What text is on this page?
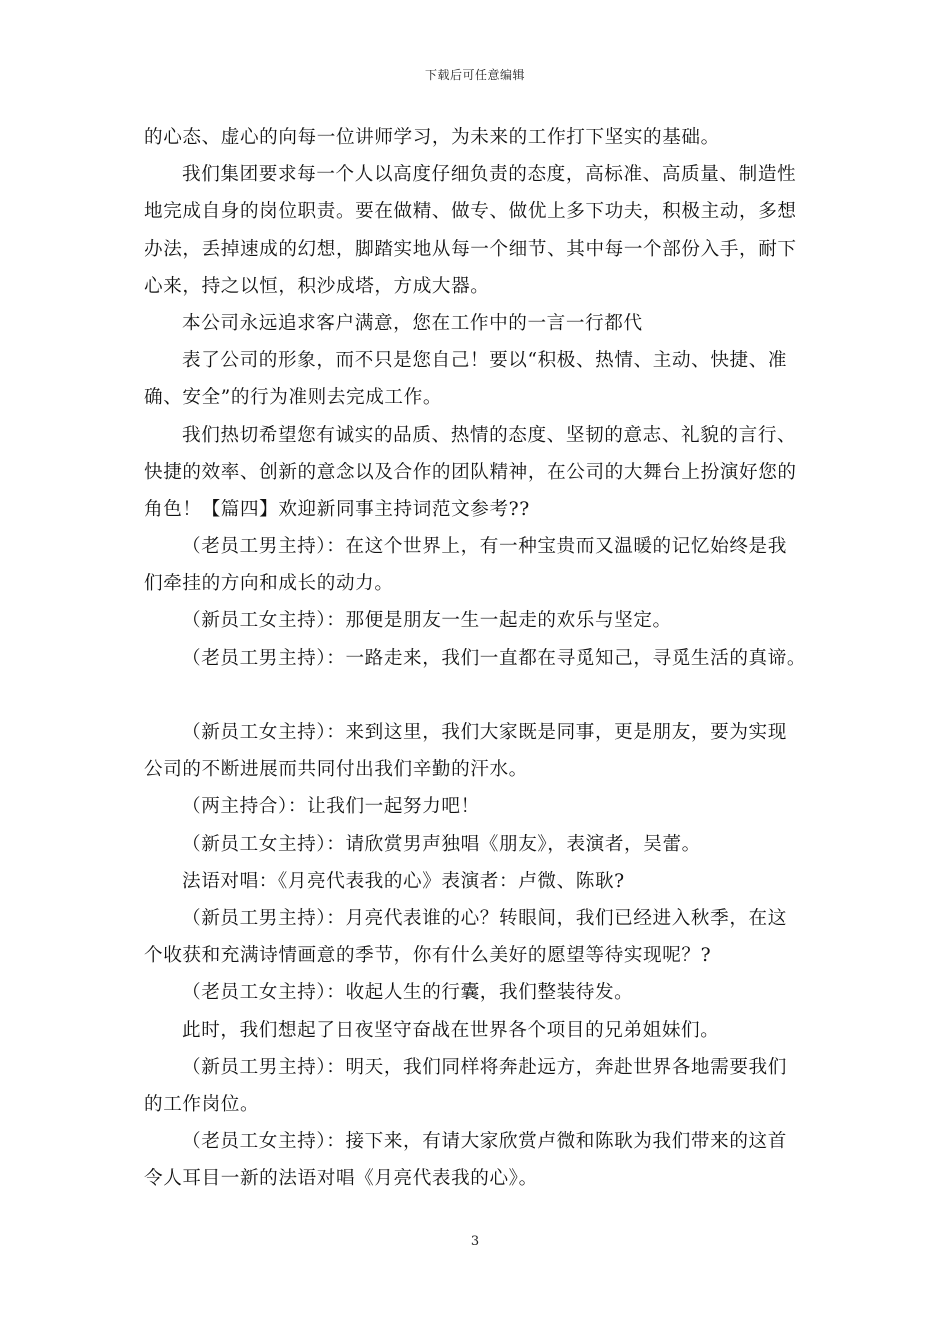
下载后可任意编辑
的心态、虚心的向每一位讲师学习，为未来的工作打下坚实的基础。
我们集团要求每一个人以高度仔细负责的态度，高标准、高质量、制造性
地完成自身的岗位职责。要在做精、做专、做优上多下功夫，积极主动，多想
办法，丢掉速成的幻想，脚踏实地从每一个细节、其中每一个部份入手，耐下
心来，持之以恒，积沙成塔，方成大器。
本公司永远追求客户满意，您在工作中的一言一行都代
表了公司的形象，而不只是您自己！要以“积极、热情、主动、快捷、准
确、安全”的行为准则去完成工作。
我们热切希望您有诚实的品质、热情的态度、坚韧的意志、礼貌的言行、
快捷的效率、创新的意念以及合作的团队精神，在公司的大舞台上扮演好您的
角色！【篇四】欢迎新同事主持词范文参考??
（老员工男主持）：在这个世界上，有一种宝贵而又温暖的记忆始终是我
们牵挂的方向和成长的动力。
（新员工女主持）：那便是朋友一生一起走的欢乐与坚定。
（老员工男主持）：一路走来，我们一直都在寻觅知己，寻觅生活的真谛。
（新员工女主持）：来到这里，我们大家既是同事，更是朋友，要为实现
公司的不断进展而共同付出我们辛勤的汗水。
（两主持合）：让我们一起努力吧！
（新员工女主持）：请欣赏男声独唱《朋友》，表演者，吴蕾。
法语对唱：《月亮代表我的心》表演者：卢微、陈耿?
（新员工男主持）：月亮代表谁的心？转眼间，我们已经进入秋季，在这
个收获和充满诗情画意的季节，你有什么美好的愿望等待实现呢？?
（老员工女主持）：收起人生的行囊，我们整装待发。
此时，我们想起了日夜坚守奋战在世界各个项目的兄弟姐妹们。
（新员工男主持）：明天，我们同样将奔赴远方，奔赴世界各地需要我们
的工作岗位。
（老员工女主持）：接下来，有请大家欣赏卢微和陈耿为我们带来的这首
令人耳目一新的法语对唱《月亮代表我的心》。
3
